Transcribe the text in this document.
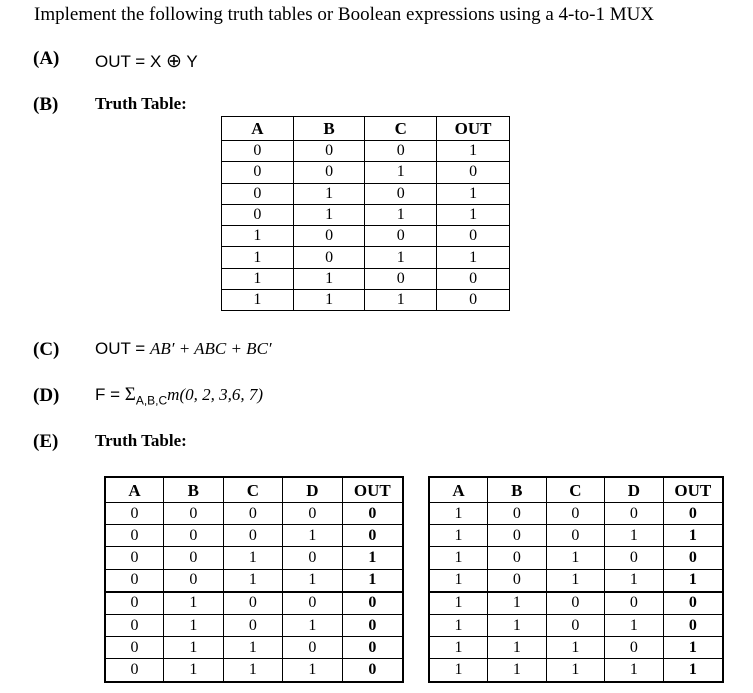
Implement the following truth tables or Boolean expressions using a 4-to-1 MUX
(A) OUT = X ⊕ Y
(B) Truth Table:
A	B	C	OUT
0	0	0	1
0	0	1	0
0	1	0	1
0	1	1	1
1	0	0	0
1	0	1	1
1	1	0	0
1	1	1	0
(C) OUT = AB′ + ABC + BC′
(D) $F = \Sigma_{A,B,C}m(0$, 2, 3,6, 7)
(E) Truth Table:
A	B	C	D	OUT
0	0	0	0	0
0	0	0	1	0
0	0	1	0	1
0	0	1	1	1
0	1	0	0	0
0	1	0	1	0
0	1	1	0	0
0	1	1	1	0
A	B	C	D	OUT
1	0	0	0	0
1	0	0	1	1
1	0	1	0	0
1	0	1	1	1
1	1	0	0	0
1	1	0	1	0
1	1	1	0	1
1	1	1	1	1
